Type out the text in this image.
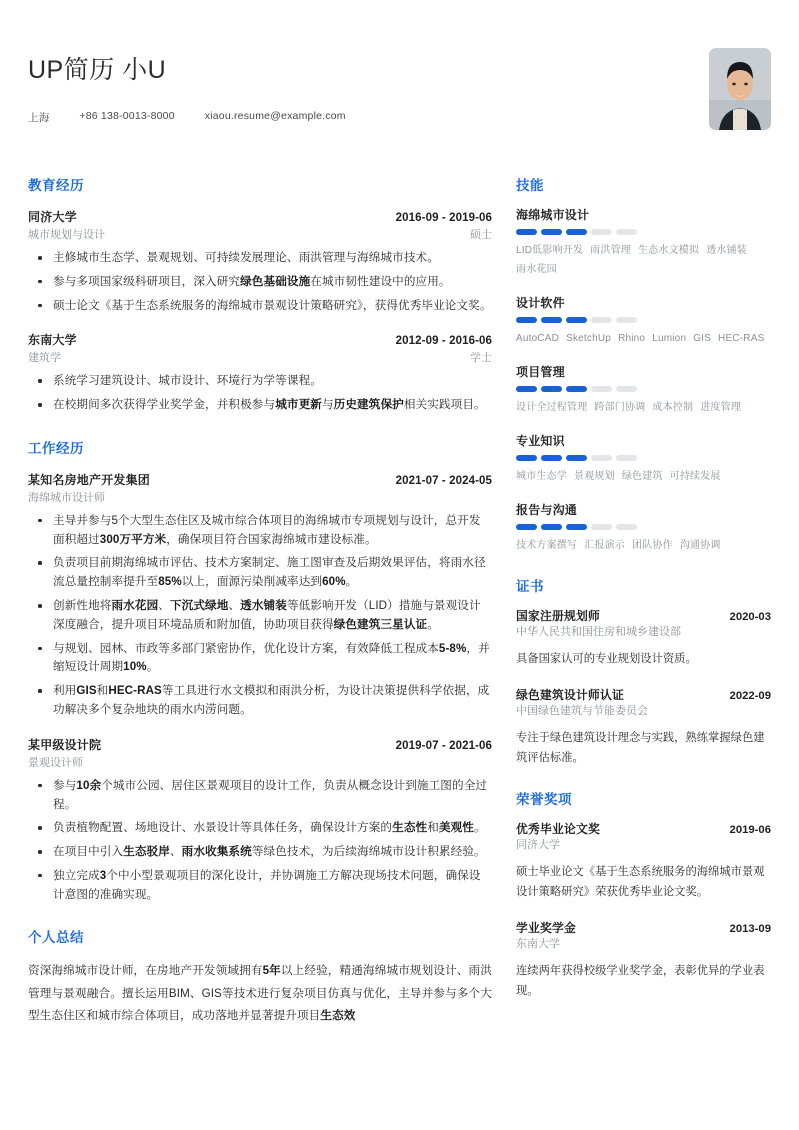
UP简历 小U
上海	+86 138-0013-8000	xiaou.resume@example.com
教育经历
同济大学	2016-09 - 2019-06
城市规划与设计	硕士
主修城市生态学、景观规划、可持续发展理论、雨洪管理与海绵城市技术。
参与多项国家级科研项目，深入研究绿色基础设施在城市韧性建设中的应用。
硕士论文《基于生态系统服务的海绵城市景观设计策略研究》，获得优秀毕业论文奖。
东南大学	2012-09 - 2016-06
建筑学	学士
系统学习建筑设计、城市设计、环境行为学等课程。
在校期间多次获得学业奖学金，并积极参与城市更新与历史建筑保护相关实践项目。
工作经历
某知名房地产开发集团	2021-07 - 2024-05
海绵城市设计师
主导并参与5个大型生态住区及城市综合体项目的海绵城市专项规划与设计，总开发面积超过300万平方米，确保项目符合国家海绵城市建设标准。
负责项目前期海绵城市评估、技术方案制定、施工图审查及后期效果评估，将雨水径流总量控制率提升至85%以上，面源污染削减率达到60%。
创新性地将雨水花园、下沉式绿地、透水铺装等低影响开发（LID）措施与景观设计深度融合，提升项目环境品质和附加值，协助项目获得绿色建筑三星认证。
与规划、园林、市政等多部门紧密协作，优化设计方案，有效降低工程成本5-8%，并缩短设计周期10%。
利用GIS和HEC-RAS等工具进行水文模拟和雨洪分析，为设计决策提供科学依据，成功解决多个复杂地块的雨水内涝问题。
某甲级设计院	2019-07 - 2021-06
景观设计师
参与10余个城市公园、居住区景观项目的设计工作，负责从概念设计到施工图的全过程。
负责植物配置、场地设计、水景设计等具体任务，确保设计方案的生态性和美观性。
在项目中引入生态驳岸、雨水收集系统等绿色技术，为后续海绵城市设计积累经验。
独立完成3个中小型景观项目的深化设计，并协调施工方解决现场技术问题，确保设计意图的准确实现。
个人总结
资深海绵城市设计师，在房地产开发领域拥有5年以上经验，精通海绵城市规划设计、雨洪管理与景观融合。擅长运用BIM、GIS等技术进行复杂项目仿真与优化，主导并参与多个大型生态住区和城市综合体项目，成功落地并显著提升项目生态效
技能
海绵城市设计
LID低影响开发 雨洪管理 生态水文模拟 透水铺装雨水花园
设计软件
AutoCAD SketchUp Rhino Lumion GIS HEC-RAS
项目管理
设计全过程管理 跨部门协调 成本控制 进度管理
专业知识
城市生态学 景观规划 绿色建筑 可持续发展
报告与沟通
技术方案撰写 汇报演示 团队协作 沟通协调
证书
国家注册规划师	2020-03
中华人民共和国住房和城乡建设部
具备国家认可的专业规划设计资质。
绿色建筑设计师认证	2022-09
中国绿色建筑与节能委员会
专注于绿色建筑设计理念与实践，熟练掌握绿色建筑评估标准。
荣誉奖项
优秀毕业论文奖	2019-06
同济大学
硕士毕业论文《基于生态系统服务的海绵城市景观设计策略研究》荣获优秀毕业论文奖。
学业奖学金	2013-09
东南大学
连续两年获得校级学业奖学金，表彰优异的学业表现。
